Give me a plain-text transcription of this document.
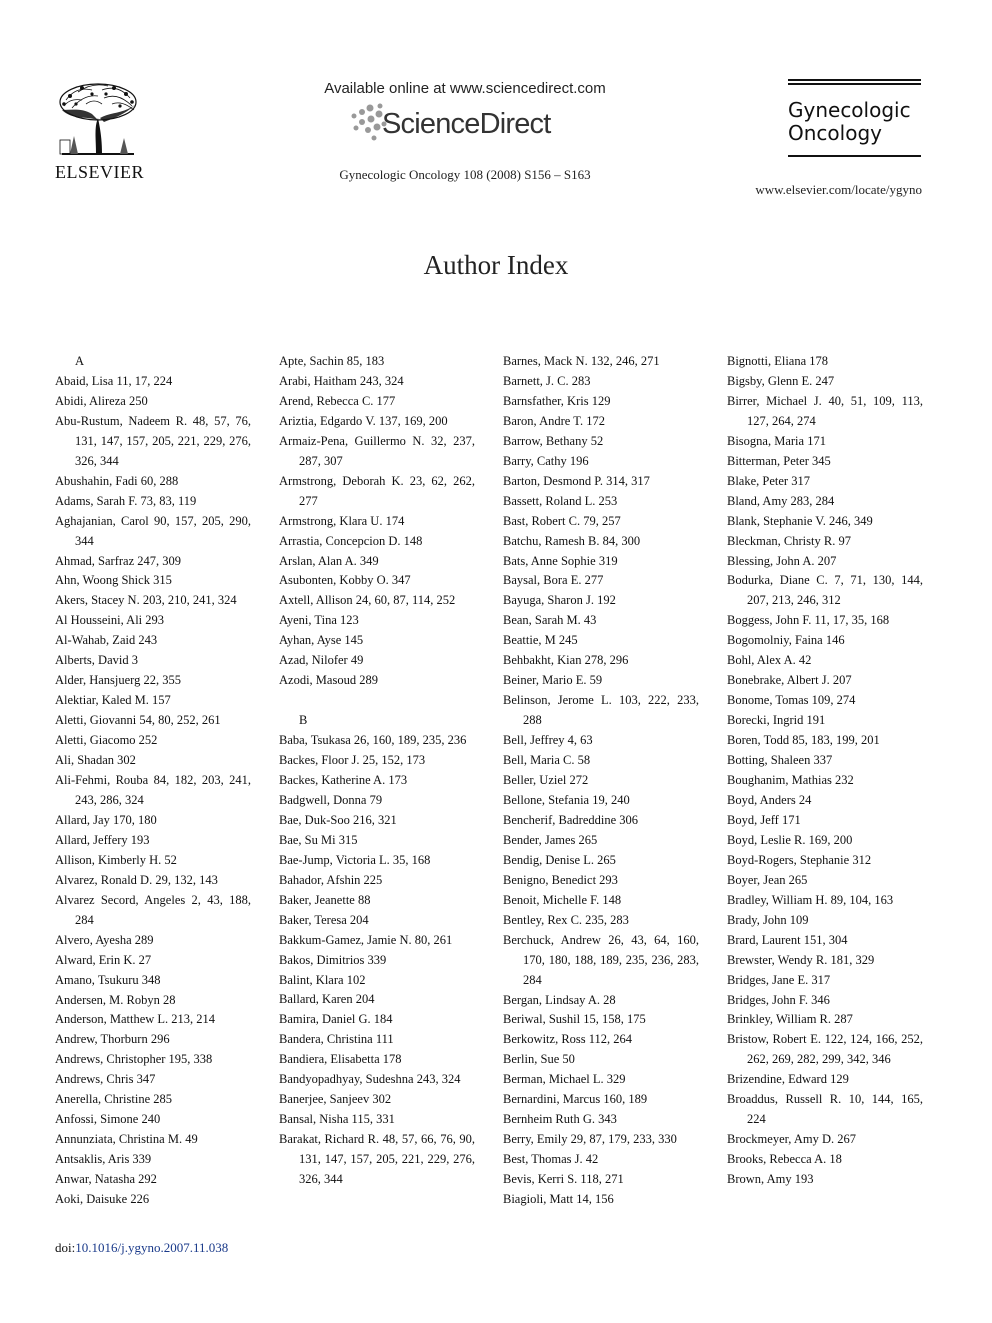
ELSEVIER
Available online at www.sciencedirect.com
ScienceDirect
Gynecologic Oncology 108 (2008) S156 – S163
Gynecologic
Oncology
www.elsevier.com/locate/ygyno
Author Index
A
Abaid, Lisa 11, 17, 224
Abidi, Alireza 250
Abu-Rustum, Nadeem R. 48, 57, 76, 131, 147, 157, 205, 221, 229, 276, 326, 344
Abushahin, Fadi 60, 288
Adams, Sarah F. 73, 83, 119
Aghajanian, Carol 90, 157, 205, 290, 344
Ahmad, Sarfraz 247, 309
Ahn, Woong Shick 315
Akers, Stacey N. 203, 210, 241, 324
Al Housseini, Ali 293
Al-Wahab, Zaid 243
Alberts, David 3
Alder, Hansjuerg 22, 355
Alektiar, Kaled M. 157
Aletti, Giovanni 54, 80, 252, 261
Aletti, Giacomo 252
Ali, Shadan 302
Ali-Fehmi, Rouba 84, 182, 203, 241, 243, 286, 324
Allard, Jay 170, 180
Allard, Jeffery 193
Allison, Kimberly H. 52
Alvarez, Ronald D. 29, 132, 143
Alvarez Secord, Angeles 2, 43, 188, 284
Alvero, Ayesha 289
Alward, Erin K. 27
Amano, Tsukuru 348
Andersen, M. Robyn 28
Anderson, Matthew L. 213, 214
Andrew, Thorburn 296
Andrews, Christopher 195, 338
Andrews, Chris 347
Anerella, Christine 285
Anfossi, Simone 240
Annunziata, Christina M. 49
Antsaklis, Aris 339
Anwar, Natasha 292
Aoki, Daisuke 226
Apte, Sachin 85, 183
Arabi, Haitham 243, 324
Arend, Rebecca C. 177
Ariztia, Edgardo V. 137, 169, 200
Armaiz-Pena, Guillermo N. 32, 237, 287, 307
Armstrong, Deborah K. 23, 62, 262, 277
Armstrong, Klara U. 174
Arrastia, Concepcion D. 148
Arslan, Alan A. 349
Asubonten, Kobby O. 347
Axtell, Allison 24, 60, 87, 114, 252
Ayeni, Tina 123
Ayhan, Ayse 145
Azad, Nilofer 49
Azodi, Masoud 289
B
Baba, Tsukasa 26, 160, 189, 235, 236
Backes, Floor J. 25, 152, 173
Backes, Katherine A. 173
Badgwell, Donna 79
Bae, Duk-Soo 216, 321
Bae, Su Mi 315
Bae-Jump, Victoria L. 35, 168
Bahador, Afshin 225
Baker, Jeanette 88
Baker, Teresa 204
Bakkum-Gamez, Jamie N. 80, 261
Bakos, Dimitrios 339
Balint, Klara 102
Ballard, Karen 204
Bamira, Daniel G. 184
Bandera, Christina 111
Bandiera, Elisabetta 178
Bandyopadhyay, Sudeshna 243, 324
Banerjee, Sanjeev 302
Bansal, Nisha 115, 331
Barakat, Richard R. 48, 57, 66, 76, 90, 131, 147, 157, 205, 221, 229, 276, 326, 344
Barnes, Mack N. 132, 246, 271
Barnett, J. C. 283
Barnsfather, Kris 129
Baron, Andre T. 172
Barrow, Bethany 52
Barry, Cathy 196
Barton, Desmond P. 314, 317
Bassett, Roland L. 253
Bast, Robert C. 79, 257
Batchu, Ramesh B. 84, 300
Bats, Anne Sophie 319
Baysal, Bora E. 277
Bayuga, Sharon J. 192
Bean, Sarah M. 43
Beattie, M 245
Behbakht, Kian 278, 296
Beiner, Mario E. 59
Belinson, Jerome L. 103, 222, 233, 288
Bell, Jeffrey 4, 63
Bell, Maria C. 58
Beller, Uziel 272
Bellone, Stefania 19, 240
Bencherif, Badreddine 306
Bender, James 265
Bendig, Denise L. 265
Benigno, Benedict 293
Benoit, Michelle F. 148
Bentley, Rex C. 235, 283
Berchuck, Andrew 26, 43, 64, 160, 170, 180, 188, 189, 235, 236, 283, 284
Bergan, Lindsay A. 28
Beriwal, Sushil 15, 158, 175
Berkowitz, Ross 112, 264
Berlin, Sue 50
Berman, Michael L. 329
Bernardini, Marcus 160, 189
Bernheim Ruth G. 343
Berry, Emily 29, 87, 179, 233, 330
Best, Thomas J. 42
Bevis, Kerri S. 118, 271
Biagioli, Matt 14, 156
Bignotti, Eliana 178
Bigsby, Glenn E. 247
Birrer, Michael J. 40, 51, 109, 113, 127, 264, 274
Bisogna, Maria 171
Bitterman, Peter 345
Blake, Peter 317
Bland, Amy 283, 284
Blank, Stephanie V. 246, 349
Bleckman, Christy R. 97
Blessing, John A. 207
Bodurka, Diane C. 7, 71, 130, 144, 207, 213, 246, 312
Boggess, John F. 11, 17, 35, 168
Bogomolniy, Faina 146
Bohl, Alex A. 42
Bonebrake, Albert J. 207
Bonome, Tomas 109, 274
Borecki, Ingrid 191
Boren, Todd 85, 183, 199, 201
Botting, Shaleen 337
Boughanim, Mathias 232
Boyd, Anders 24
Boyd, Jeff 171
Boyd, Leslie R. 169, 200
Boyd-Rogers, Stephanie 312
Boyer, Jean 265
Bradley, William H. 89, 104, 163
Brady, John 109
Brard, Laurent 151, 304
Brewster, Wendy R. 181, 329
Bridges, Jane E. 317
Bridges, John F. 346
Brinkley, William R. 287
Bristow, Robert E. 122, 124, 166, 252, 262, 269, 282, 299, 342, 346
Brizendine, Edward 129
Broaddus, Russell R. 10, 144, 165, 224
Brockmeyer, Amy D. 267
Brooks, Rebecca A. 18
Brown, Amy 193
doi:10.1016/j.ygyno.2007.11.038
